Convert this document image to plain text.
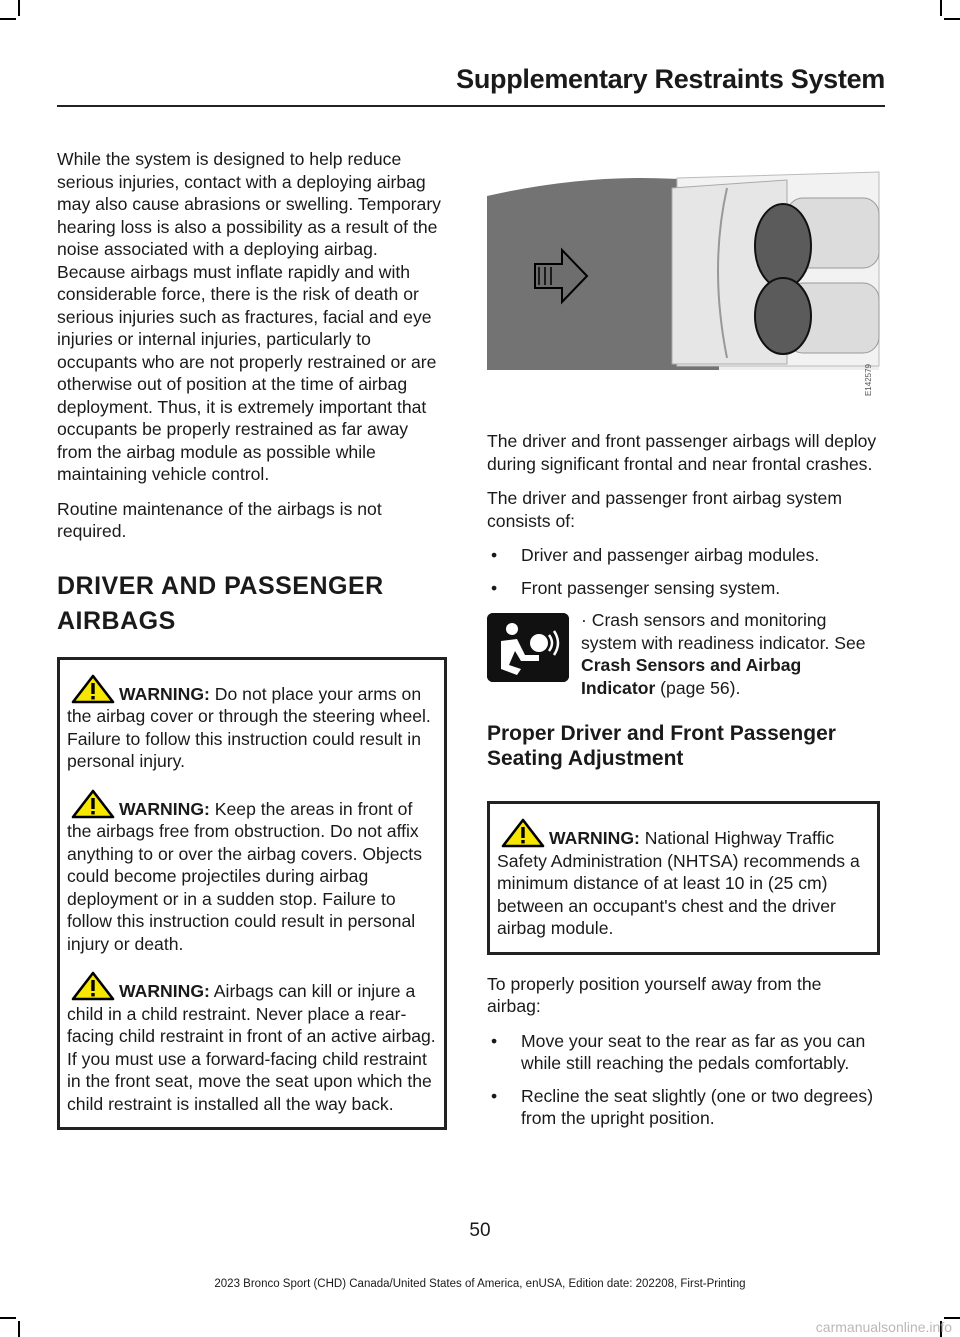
Supplementary Restraints System

While the system is designed to help reduce serious injuries, contact with a deploying airbag may also cause abrasions or swelling. Temporary hearing loss is also a possibility as a result of the noise associated with a deploying airbag. Because airbags must inflate rapidly and with considerable force, there is the risk of death or serious injuries such as fractures, facial and eye injuries or internal injuries, particularly to occupants who are not properly restrained or are otherwise out of position at the time of airbag deployment. Thus, it is extremely important that occupants be properly restrained as far away from the airbag module as possible while maintaining vehicle control.

Routine maintenance of the airbags is not required.

DRIVER AND PASSENGER
AIRBAGS

WARNING: Do not place your arms on the airbag cover or through the steering wheel. Failure to follow this instruction could result in personal injury.

WARNING: Keep the areas in front of the airbags free from obstruction. Do not affix anything to or over the airbag covers. Objects could become projectiles during airbag deployment or in a sudden stop. Failure to follow this instruction could result in personal injury or death.

WARNING: Airbags can kill or injure a child in a child restraint. Never place a rear-facing child restraint in front of an active airbag. If you must use a forward-facing child restraint in the front seat, move the seat upon which the child restraint is installed all the way back.

E142579

The driver and front passenger airbags will deploy during significant frontal and near frontal crashes.

The driver and passenger front airbag system consists of:

• Driver and passenger airbag modules.
• Front passenger sensing system.
· Crash sensors and monitoring system with readiness indicator. See Crash Sensors and Airbag Indicator (page 56).
Proper Driver and Front Passenger Seating Adjustment

WARNING: National Highway Traffic Safety Administration (NHTSA) recommends a minimum distance of at least 10 in (25 cm) between an occupant's chest and the driver airbag module.

To properly position yourself away from the airbag:

• Move your seat to the rear as far as you can while still reaching the pedals comfortably.
• Recline the seat slightly (one or two degrees) from the upright position.
50
2023 Bronco Sport (CHD) Canada/United States of America, enUSA, Edition date: 202208, First-Printing
carmanualsonline.info
